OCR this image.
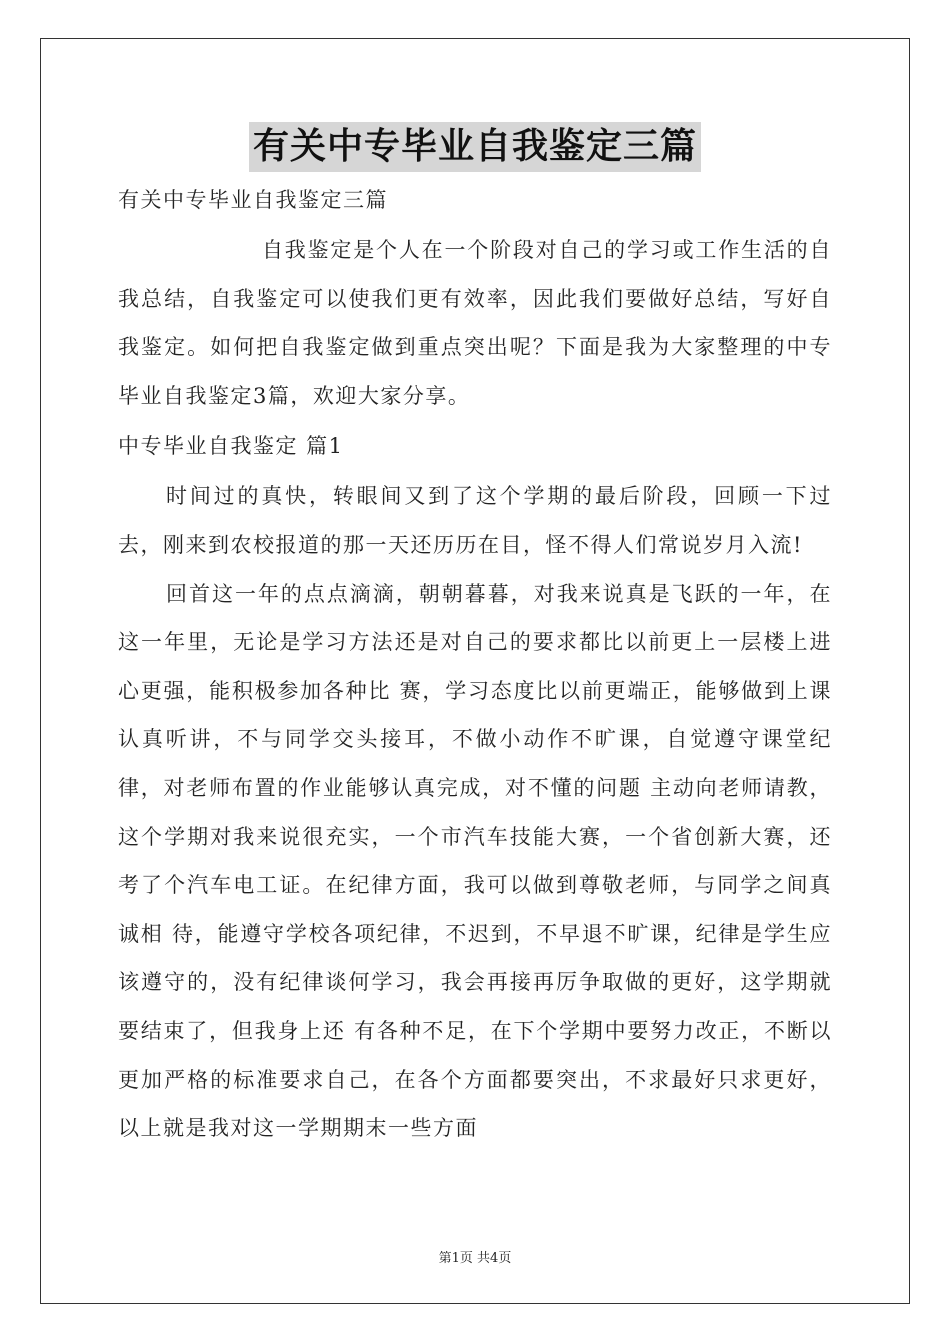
有关中专毕业自我鉴定三篇

有关中专毕业自我鉴定三篇

自我鉴定是个人在一个阶段对自己的学习或工作生活的自我总结，自我鉴定可以使我们更有效率，因此我们要做好总结，写好自我鉴定。如何把自我鉴定做到重点突出呢？下面是我为大家整理的中专毕业自我鉴定3篇，欢迎大家分享。

中专毕业自我鉴定 篇1

时间过的真快，转眼间又到了这个学期的最后阶段，回顾一下过去，刚来到农校报道的那一天还历历在目，怪不得人们常说岁月入流!

回首这一年的点点滴滴，朝朝暮暮，对我来说真是飞跃的一年，在这一年里，无论是学习方法还是对自己的要求都比以前更上一层楼上进心更强，能积极参加各种比 赛，学习态度比以前更端正，能够做到上课认真听讲，不与同学交头接耳，不做小动作不旷课，自觉遵守课堂纪律，对老师布置的作业能够认真完成，对不懂的问题 主动向老师请教，这个学期对我来说很充实，一个市汽车技能大赛，一个省创新大赛，还考了个汽车电工证。在纪律方面，我可以做到尊敬老师，与同学之间真诚相 待，能遵守学校各项纪律，不迟到，不早退不旷课，纪律是学生应该遵守的，没有纪律谈何学习，我会再接再厉争取做的更好，这学期就要结束了，但我身上还 有各种不足，在下个学期中要努力改正，不断以更加严格的标准要求自己，在各个方面都要突出，不求最好只求更好，以上就是我对这一学期期末一些方面

第1页 共4页
